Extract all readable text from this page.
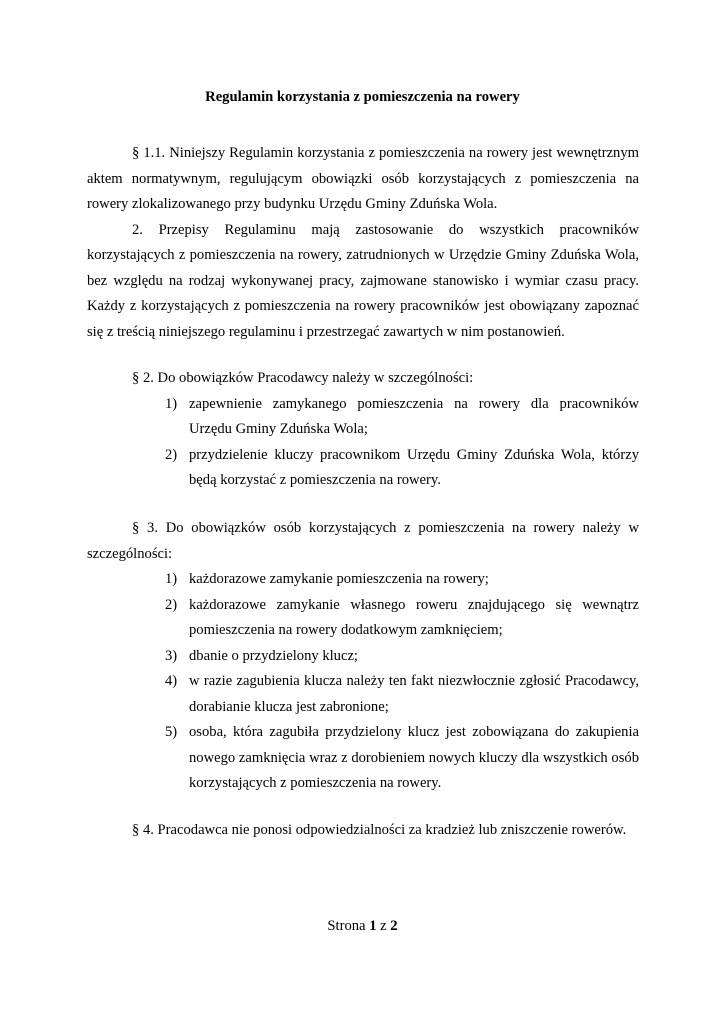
Regulamin korzystania z pomieszczenia na rowery

§ 1.1. Niniejszy Regulamin korzystania z pomieszczenia na rowery jest wewnętrznym aktem normatywnym, regulującym obowiązki osób korzystających z pomieszczenia na rowery zlokalizowanego przy budynku Urzędu Gminy Zduńska Wola.

2. Przepisy Regulaminu mają zastosowanie do wszystkich pracowników korzystających z pomieszczenia na rowery, zatrudnionych w Urzędzie Gminy Zduńska Wola, bez względu na rodzaj wykonywanej pracy, zajmowane stanowisko i wymiar czasu pracy. Każdy z korzystających z pomieszczenia na rowery pracowników jest obowiązany zapoznać się z treścią niniejszego regulaminu i przestrzegać zawartych w nim postanowień.

§ 2. Do obowiązków Pracodawcy należy w szczególności:

1) zapewnienie zamykanego pomieszczenia na rowery dla pracowników Urzędu Gminy Zduńska Wola;
2) przydzielenie kluczy pracownikom Urzędu Gminy Zduńska Wola, którzy będą korzystać z pomieszczenia na rowery.

§ 3. Do obowiązków osób korzystających z pomieszczenia na rowery należy w szczególności:

1) każdorazowe zamykanie pomieszczenia na rowery;
2) każdorazowe zamykanie własnego roweru znajdującego się wewnątrz pomieszczenia na rowery dodatkowym zamknięciem;
3) dbanie o przydzielony klucz;
4) w razie zagubienia klucza należy ten fakt niezwłocznie zgłosić Pracodawcy, dorabianie klucza jest zabronione;
5) osoba, która zagubiła przydzielony klucz jest zobowiązana do zakupienia nowego zamknięcia wraz z dorobieniem nowych kluczy dla wszystkich osób korzystających z pomieszczenia na rowery.

§ 4. Pracodawca nie ponosi odpowiedzialności za kradzież lub zniszczenie rowerów.

Strona 1 z 2
